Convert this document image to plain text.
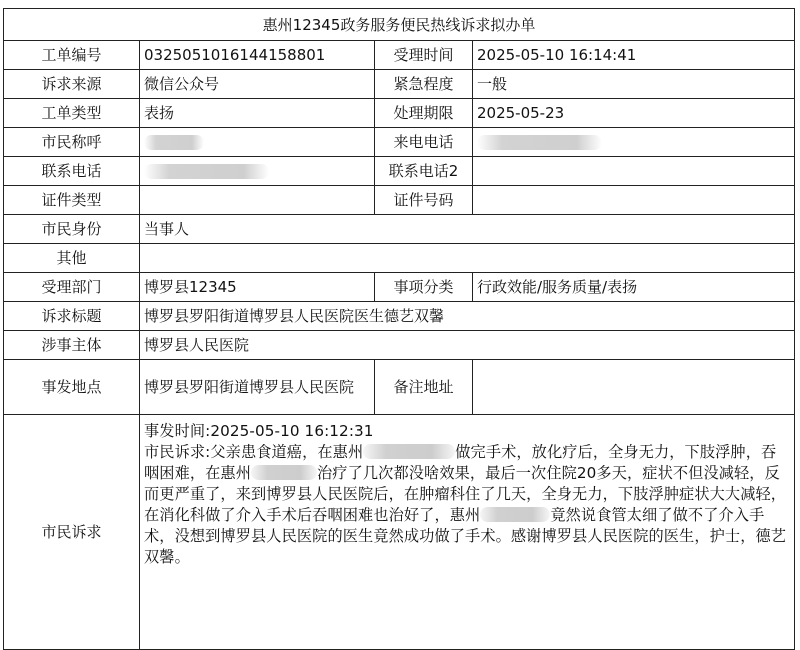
惠州12345政务服务便民热线诉求拟办单			
工单编号	0325051016144158801	受理时间	2025-05-10 16:14:41
诉求来源	微信公众号	紧急程度	一般
工单类型	表扬	处理期限	2025-05-23
市民称呼		来电电话	
联系电话		联系电话2	
证件类型		证件号码	
市民身份	当事人		
其他			
受理部门	博罗县12345	事项分类	行政效能/服务质量/表扬
诉求标题	博罗县罗阳街道博罗县人民医院医生德艺双馨		
涉事主体	博罗县人民医院		
事发地点	博罗县罗阳街道博罗县人民医院	备注地址	
市民诉求	事发时间:2025-05-10 16:12:31
市民诉求:父亲患食道癌，在惠州 做完手术，放化疗后，全身无力，下肢浮肿，吞咽困难，在惠州 治疗了几次都没啥效果，最后一次住院20多天，症状不但没减轻，反而更严重了，来到博罗县人民医院后，在肿瘤科住了几天，全身无力，下肢浮肿症状大大减轻，在消化科做了介入手术后吞咽困难也治好了，惠州 竟然说食管太细了做不了介入手术，没想到博罗县人民医院的医生竟然成功做了手术。感谢博罗县人民医院的医生，护士，德艺双馨。		
